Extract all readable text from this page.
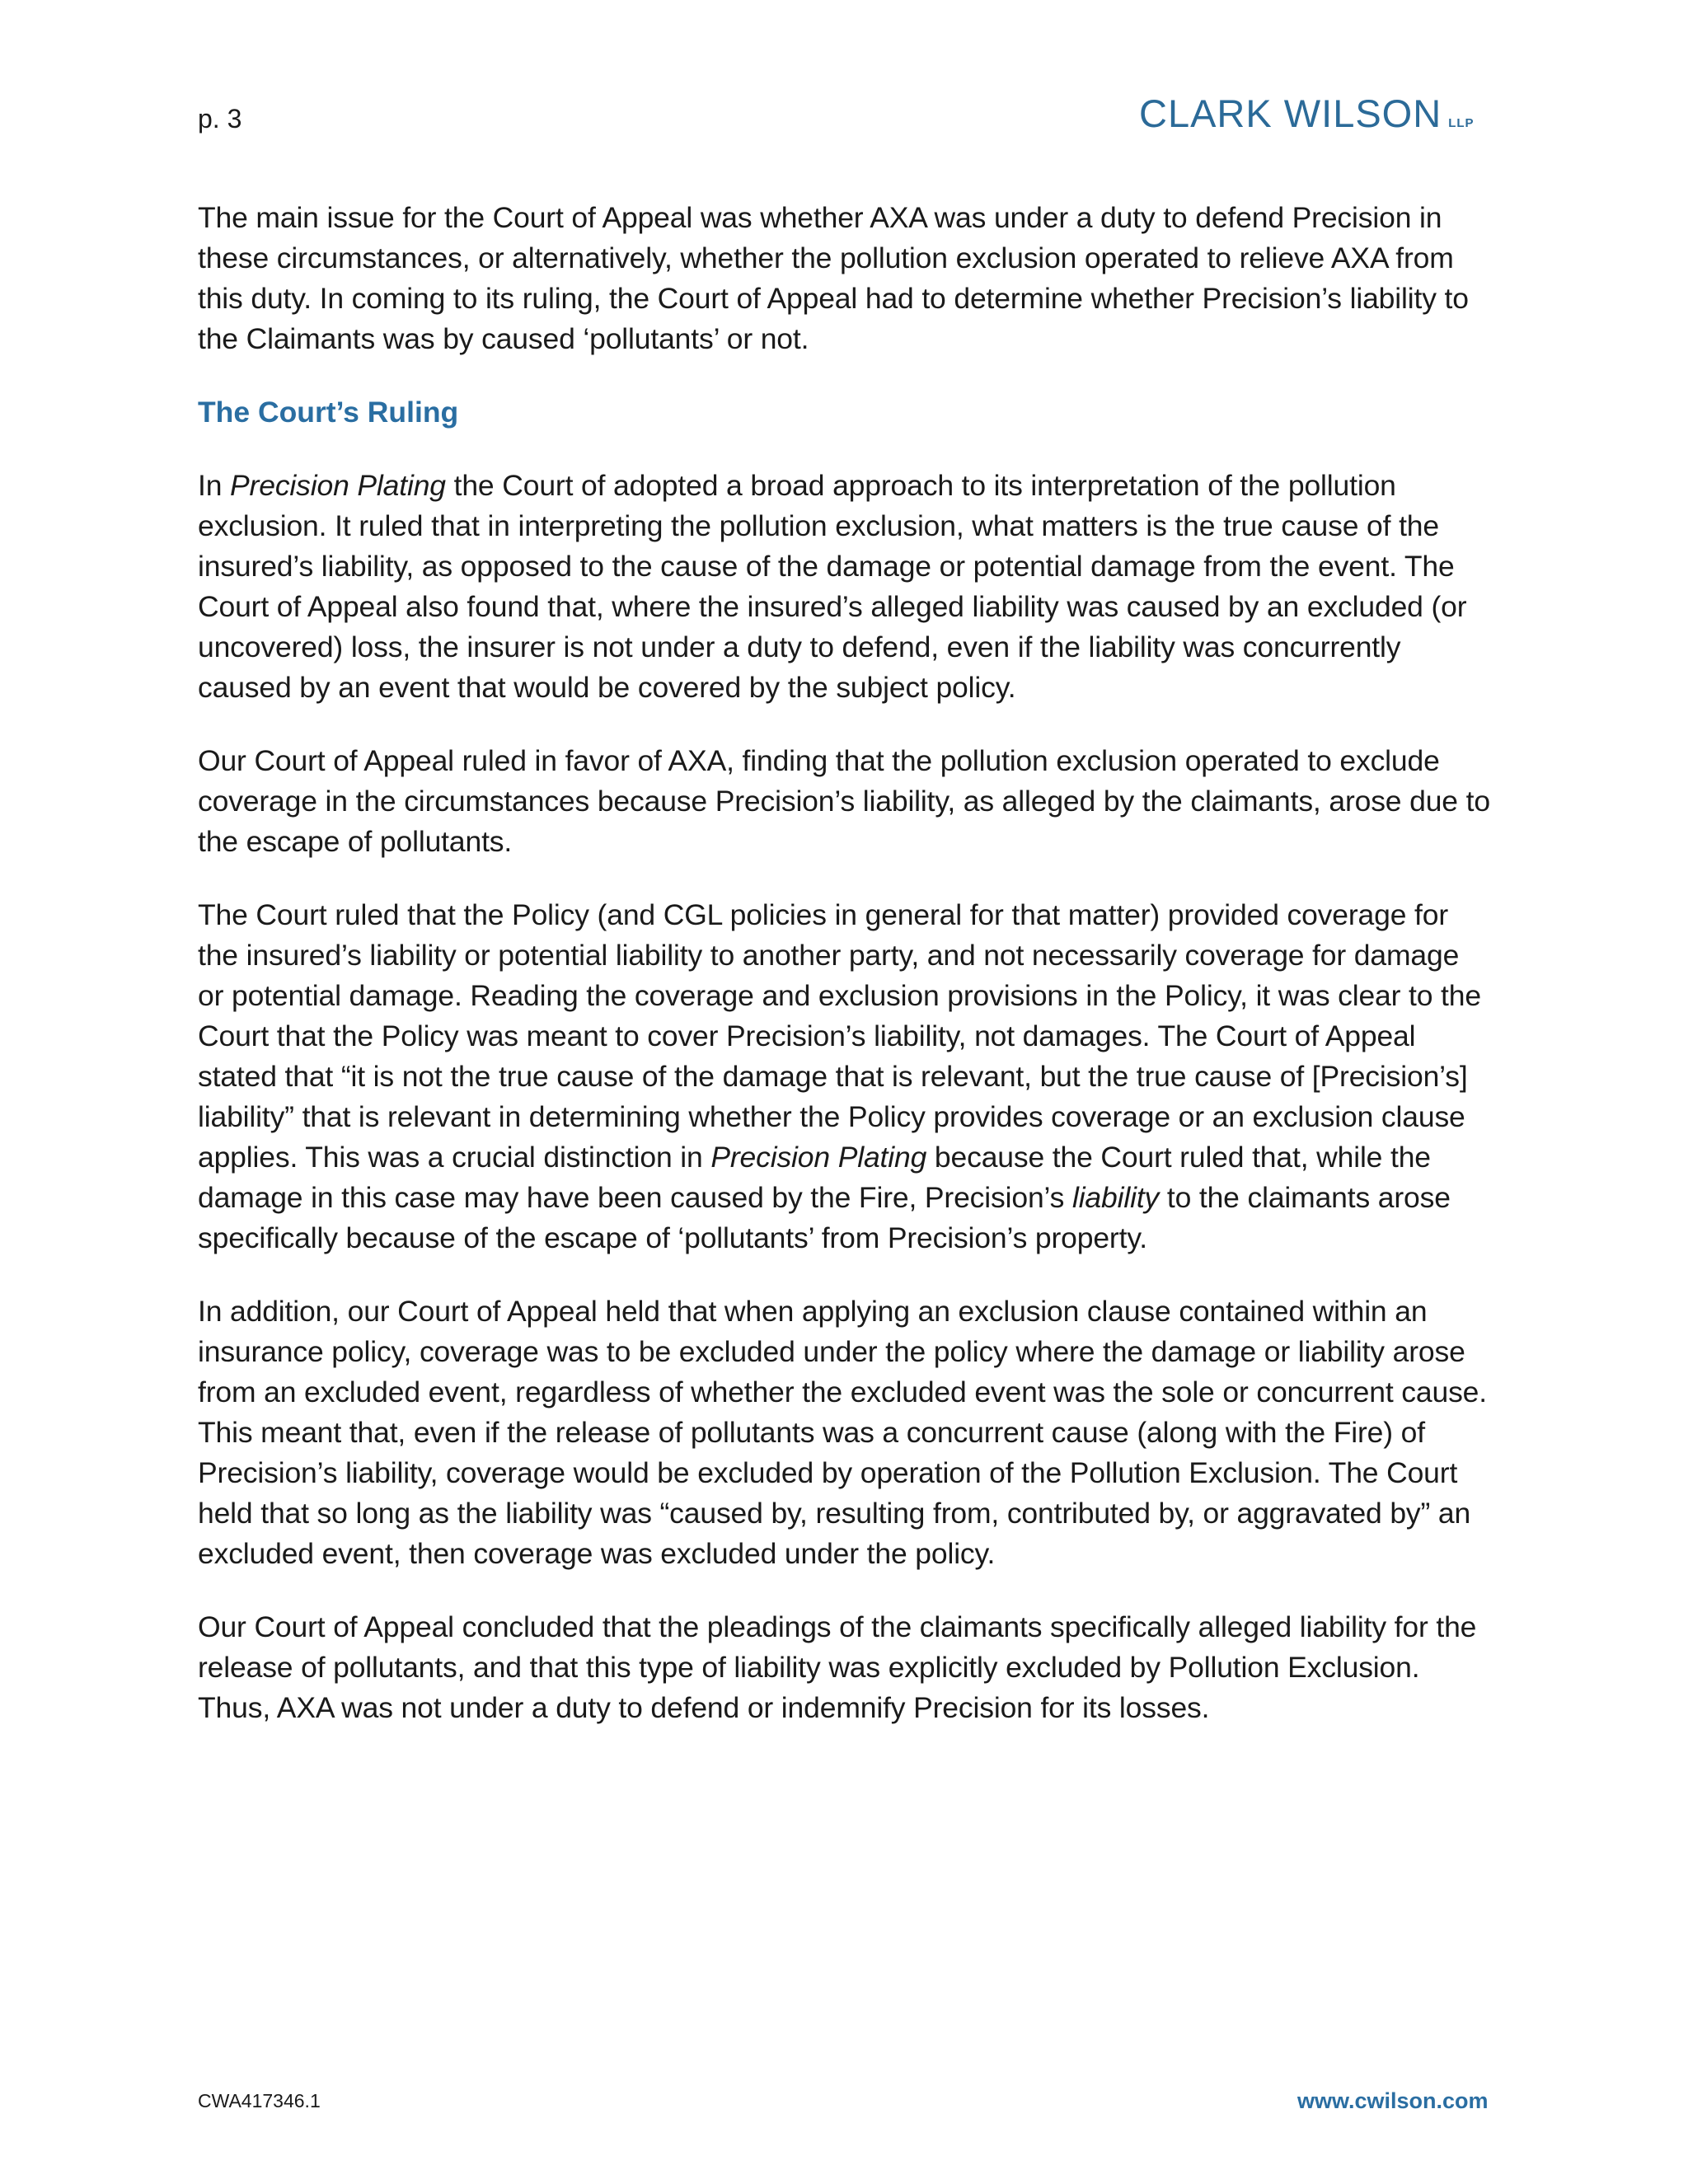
p. 3	CLARK WILSON LLP

The main issue for the Court of Appeal was whether AXA was under a duty to defend Precision in these circumstances, or alternatively, whether the pollution exclusion operated to relieve AXA from this duty. In coming to its ruling, the Court of Appeal had to determine whether Precision’s liability to the Claimants was by caused ‘pollutants’ or not.

The Court’s Ruling

In Precision Plating the Court of adopted a broad approach to its interpretation of the pollution exclusion. It ruled that in interpreting the pollution exclusion, what matters is the true cause of the insured’s liability, as opposed to the cause of the damage or potential damage from the event. The Court of Appeal also found that, where the insured’s alleged liability was caused by an excluded (or uncovered) loss, the insurer is not under a duty to defend, even if the liability was concurrently caused by an event that would be covered by the subject policy.

Our Court of Appeal ruled in favor of AXA, finding that the pollution exclusion operated to exclude coverage in the circumstances because Precision’s liability, as alleged by the claimants, arose due to the escape of pollutants.

The Court ruled that the Policy (and CGL policies in general for that matter) provided coverage for the insured’s liability or potential liability to another party, and not necessarily coverage for damage or potential damage. Reading the coverage and exclusion provisions in the Policy, it was clear to the Court that the Policy was meant to cover Precision’s liability, not damages. The Court of Appeal stated that “it is not the true cause of the damage that is relevant, but the true cause of [Precision’s] liability” that is relevant in determining whether the Policy provides coverage or an exclusion clause applies. This was a crucial distinction in Precision Plating because the Court ruled that, while the damage in this case may have been caused by the Fire, Precision’s liability to the claimants arose specifically because of the escape of ‘pollutants’ from Precision’s property.

In addition, our Court of Appeal held that when applying an exclusion clause contained within an insurance policy, coverage was to be excluded under the policy where the damage or liability arose from an excluded event, regardless of whether the excluded event was the sole or concurrent cause. This meant that, even if the release of pollutants was a concurrent cause (along with the Fire) of Precision’s liability, coverage would be excluded by operation of the Pollution Exclusion. The Court held that so long as the liability was “caused by, resulting from, contributed by, or aggravated by” an excluded event, then coverage was excluded under the policy.

Our Court of Appeal concluded that the pleadings of the claimants specifically alleged liability for the release of pollutants, and that this type of liability was explicitly excluded by Pollution Exclusion. Thus, AXA was not under a duty to defend or indemnify Precision for its losses.

CWA417346.1	www.cwilson.com
